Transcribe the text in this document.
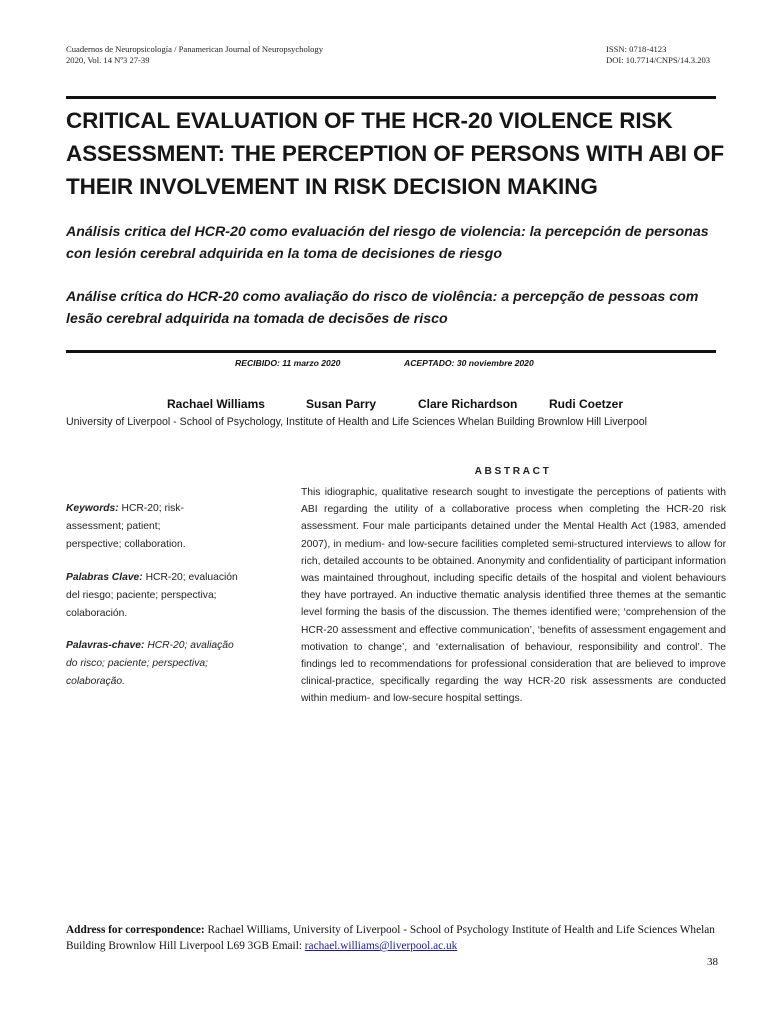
Cuadernos de Neuropsicología / Panamerican Journal of Neuropsychology
2020, Vol. 14 Nº3 27-39
ISSN: 0718-4123
DOI: 10.7714/CNPS/14.3.203
CRITICAL EVALUATION OF THE HCR-20 VIOLENCE RISK ASSESSMENT: THE PERCEPTION OF PERSONS WITH ABI OF THEIR INVOLVEMENT IN RISK DECISION MAKING
Análisis critica del HCR-20 como evaluación del riesgo de violencia: la percepción de personas con lesión cerebral adquirida en la toma de decisiones de riesgo
Análise crítica do HCR-20 como avaliação do risco de violência: a percepção de pessoas com lesão cerebral adquirida na tomada de decisões de risco
RECIBIDO: 11 marzo 2020	ACEPTADO: 30 noviembre 2020
Rachael Williams	Susan Parry	Clare Richardson	Rudi Coetzer
University of Liverpool - School of Psychology, Institute of Health and Life Sciences Whelan Building Brownlow Hill Liverpool
Keywords: HCR-20; risk-assessment; patient; perspective; collaboration.
Palabras Clave: HCR-20; evaluación del riesgo; paciente; perspectiva; colaboración.
Palavras-chave: HCR-20; avaliação do risco; paciente; perspectiva; colaboração.
ABSTRACT
This idiographic, qualitative research sought to investigate the perceptions of patients with ABI regarding the utility of a collaborative process when completing the HCR-20 risk assessment. Four male participants detained under the Mental Health Act (1983, amended 2007), in medium- and low-secure facilities completed semi-structured interviews to allow for rich, detailed accounts to be obtained. Anonymity and confidentiality of participant information was maintained throughout, including specific details of the hospital and violent behaviours they have portrayed. An inductive thematic analysis identified three themes at the semantic level forming the basis of the discussion. The themes identified were; ‘comprehension of the HCR-20 assessment and effective communication’, ‘benefits of assessment engagement and motivation to change’, and ‘externalisation of behaviour, responsibility and control’. The findings led to recommendations for professional consideration that are believed to improve clinical-practice, specifically regarding the way HCR-20 risk assessments are conducted within medium- and low-secure hospital settings.
Address for correspondence: Rachael Williams, University of Liverpool - School of Psychology Institute of Health and Life Sciences Whelan Building Brownlow Hill Liverpool L69 3GB Email: rachael.williams@liverpool.ac.uk
38
